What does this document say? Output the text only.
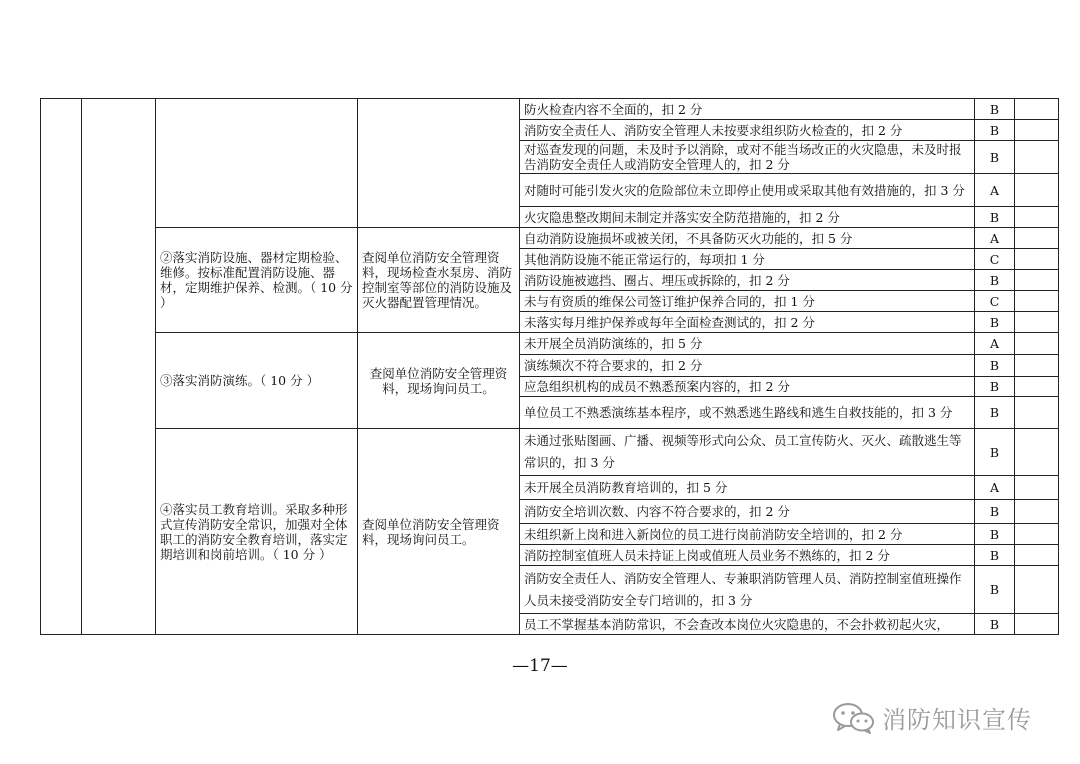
				防火检查内容不全面的，扣 2 分	B	
				消防安全责任人、消防安全管理人未按要求组织防火检查的，扣 2 分	B	
				对巡查发现的问题，未及时予以消除，或对不能当场改正的火灾隐患，未及时报告消防安全责任人或消防安全管理人的，扣 2 分	B	
				对随时可能引发火灾的危险部位未立即停止使用或采取其他有效措施的，扣 3 分	A	
				火灾隐患整改期间未制定并落实安全防范措施的，扣 2 分	B	
		②落实消防设施、器材定期检验、维修。按标准配置消防设施、器材，定期维护保养、检测。（ 10 分 ）	查阅单位消防安全管理资料，现场检查水泵房、消防控制室等部位的消防设施及灭火器配置管理情况。	自动消防设施损坏或被关闭，不具备防灭火功能的，扣 5 分	A	
				其他消防设施不能正常运行的，每项扣 1 分	C	
				消防设施被遮挡、圈占、埋压或拆除的，扣 2 分	B	
				未与有资质的维保公司签订维护保养合同的，扣 1 分	C	
				未落实每月维护保养或每年全面检查测试的，扣 2 分	B	
		③落实消防演练。（ 10 分 ）	查阅单位消防安全管理资料，现场询问员工。	未开展全员消防演练的，扣 5 分	A	
				演练频次不符合要求的，扣 2 分	B	
				应急组织机构的成员不熟悉预案内容的，扣 2 分	B	
				单位员工不熟悉演练基本程序，或不熟悉逃生路线和逃生自救技能的，扣 3 分	B	
		④落实员工教育培训。采取多种形式宣传消防安全常识，加强对全体职工的消防安全教育培训，落实定期培训和岗前培训。（ 10 分 ）	查阅单位消防安全管理资料，现场询问员工。	未通过张贴图画、广播、视频等形式向公众、员工宣传防火、灭火、疏散逃生等常识的，扣 3 分	B	
				未开展全员消防教育培训的，扣 5 分	A	
				消防安全培训次数、内容不符合要求的，扣 2 分	B	
				未组织新上岗和进入新岗位的员工进行岗前消防安全培训的，扣 2 分	B	
				消防控制室值班人员未持证上岗或值班人员业务不熟练的，扣 2 分	B	
				消防安全责任人、消防安全管理人、专兼职消防管理人员、消防控制室值班操作人员未接受消防安全专门培训的，扣 3 分	B	
				员工不掌握基本消防常识，不会查改本岗位火灾隐患的，不会扑救初起火灾，	B	
—17—
消防知识宣传
